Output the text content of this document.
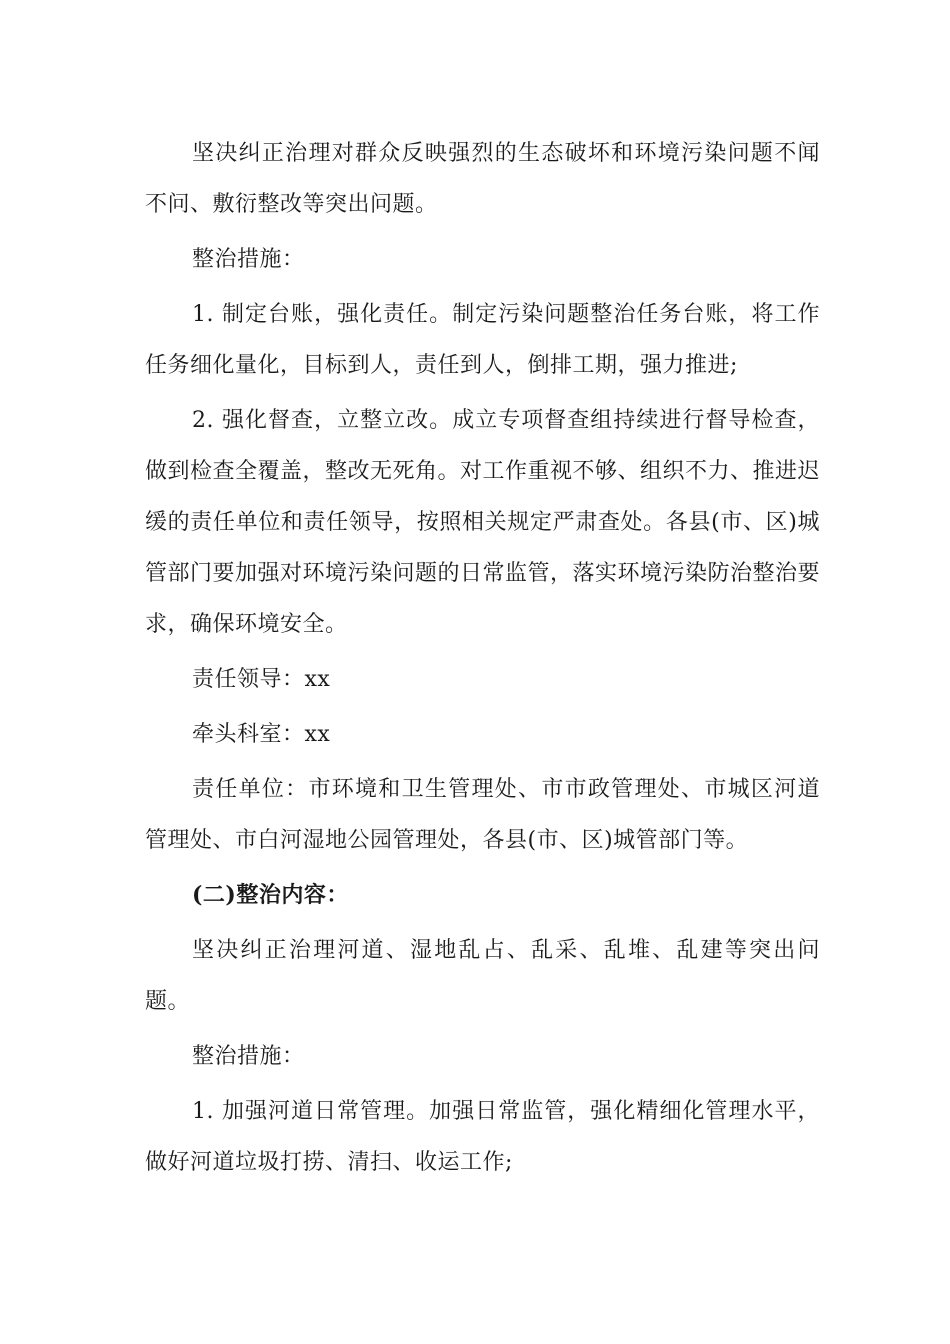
坚决纠正治理对群众反映强烈的生态破坏和环境污染问题不闻不问、敷衍整改等突出问题。

整治措施：

1. 制定台账，强化责任。制定污染问题整治任务台账，将工作任务细化量化，目标到人，责任到人，倒排工期，强力推进;

2. 强化督查，立整立改。成立专项督查组持续进行督导检查，做到检查全覆盖，整改无死角。对工作重视不够、组织不力、推进迟缓的责任单位和责任领导，按照相关规定严肃查处。各县(市、区)城管部门要加强对环境污染问题的日常监管，落实环境污染防治整治要求，确保环境安全。

责任领导：xx

牵头科室：xx

责任单位：市环境和卫生管理处、市市政管理处、市城区河道管理处、市白河湿地公园管理处，各县(市、区)城管部门等。

(二)整治内容：

坚决纠正治理河道、湿地乱占、乱采、乱堆、乱建等突出问题。

整治措施：

1. 加强河道日常管理。加强日常监管，强化精细化管理水平，做好河道垃圾打捞、清扫、收运工作;
